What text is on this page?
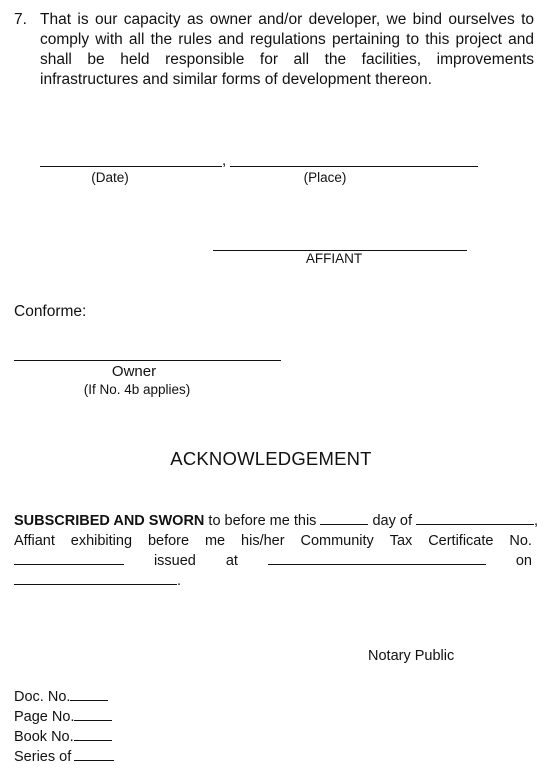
7. That is our capacity as owner and/or developer, we bind ourselves to comply with all the rules and regulations pertaining to this project and shall be held responsible for all the facilities, improvements infrastructures and similar forms of development thereon.
,
(Date)	(Place)
AFFIANT
Conforme:
Owner
(If No. 4b applies)
ACKNOWLEDGEMENT
SUBSCRIBED AND SWORN to before me this	day of	,
Affiant exhibiting before me his/her Community Tax Certificate No.
issued at	on
.
Notary Public
Doc. No.
Page No.
Book No.
Series of
